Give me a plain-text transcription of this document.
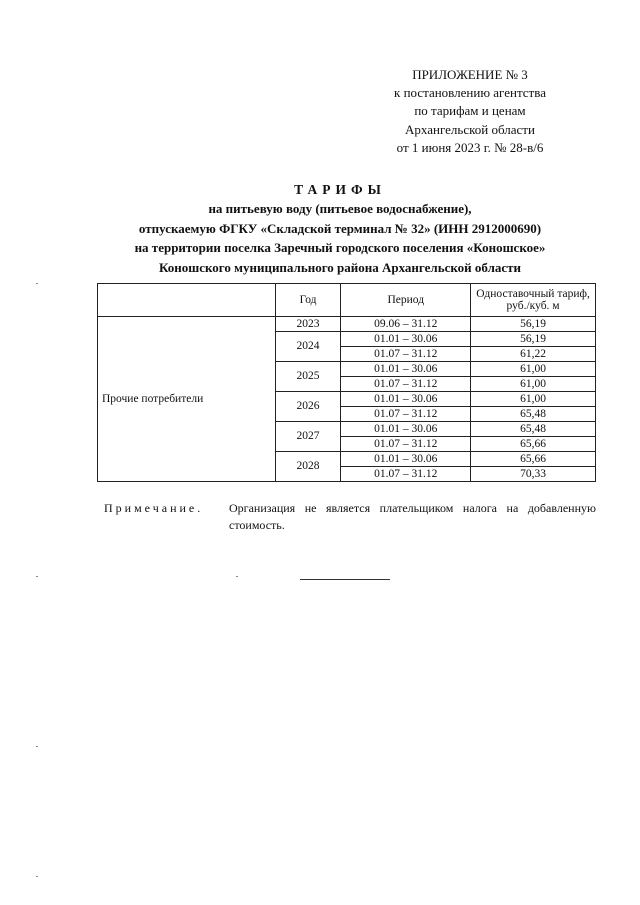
ПРИЛОЖЕНИЕ № 3
к постановлению агентства
по тарифам и ценам
Архангельской области
от 1 июня 2023 г. № 28-в/6
ТАРИФЫ
на питьевую воду (питьевое водоснабжение),
отпускаемую ФГКУ «Складской терминал № 32» (ИНН 2912000690)
на территории поселка Заречный городского поселения «Коношское»
Коношского муниципального района Архангельской области
	Год	Период	Одноставочный тариф, руб./куб. м
Прочие потребители	2023	09.06 – 31.12	56,19
	2024	01.01 – 30.06	56,19
		01.07 – 31.12	61,22
	2025	01.01 – 30.06	61,00
		01.07 – 31.12	61,00
	2026	01.01 – 30.06	61,00
		01.07 – 31.12	65,48
	2027	01.01 – 30.06	65,48
		01.07 – 31.12	65,66
	2028	01.01 – 30.06	65,66
		01.07 – 31.12	70,33
Примечание. Организация не является плательщиком налога на добавленную стоимость.
